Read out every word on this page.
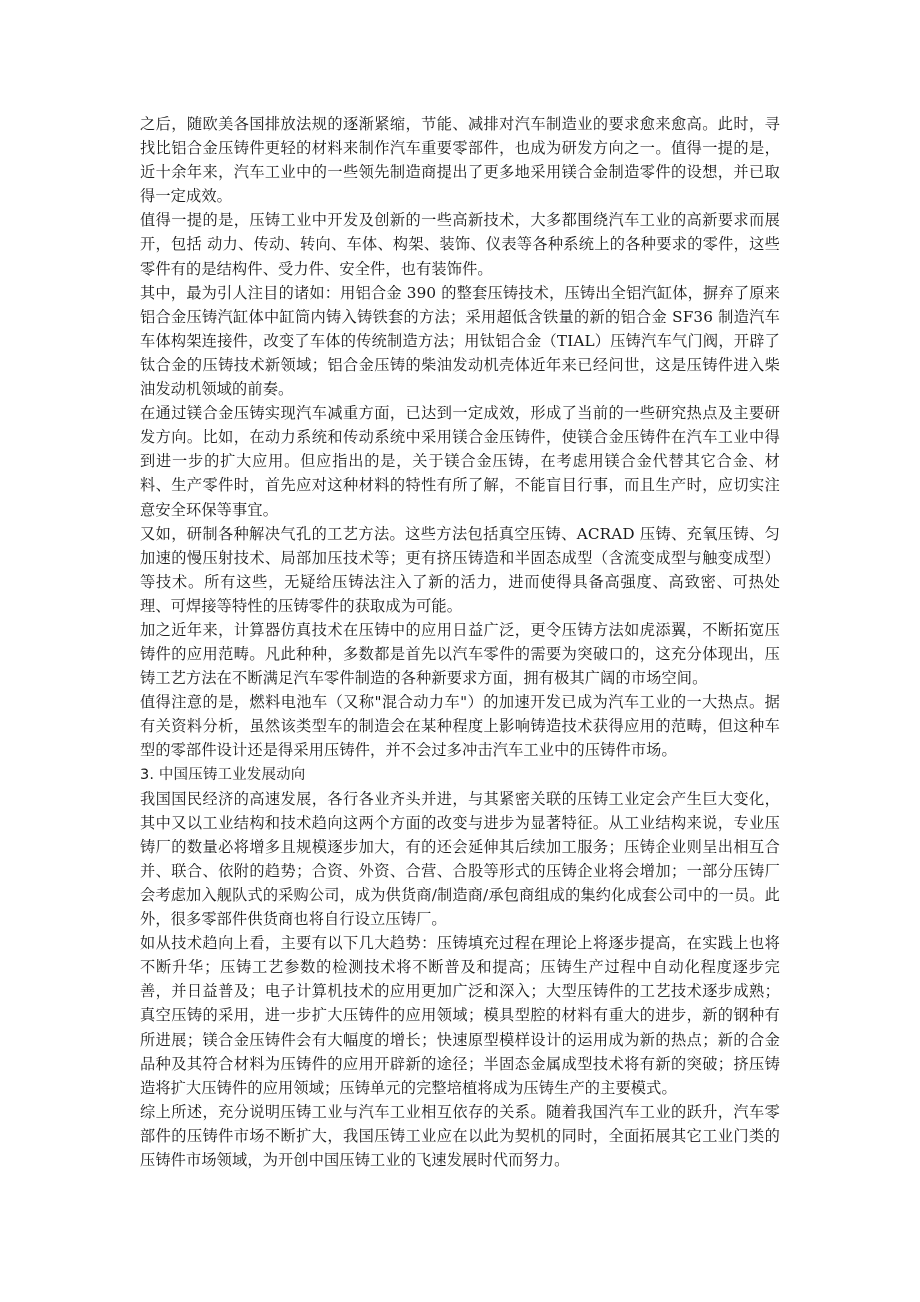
之后，随欧美各国排放法规的逐渐紧缩，节能、减排对汽车制造业的要求愈来愈高。此时，寻找比铝合金压铸件更轻的材料来制作汽车重要零部件，也成为研发方向之一。值得一提的是，近十余年来，汽车工业中的一些领先制造商提出了更多地采用镁合金制造零件的设想，并已取得一定成效。

值得一提的是，压铸工业中开发及创新的一些高新技术，大多都围绕汽车工业的高新要求而展开，包括 动力、传动、转向、车体、构架、装饰、仪表等各种系统上的各种要求的零件，这些零件有的是结构件、受力件、安全件，也有装饰件。

其中，最为引人注目的诸如：用铝合金 390 的整套压铸技术，压铸出全铝汽缸体，摒弃了原来铝合金压铸汽缸体中缸筒内铸入铸铁套的方法；采用超低含铁量的新的铝合金 SF36 制造汽车车体构架连接件，改变了车体的传统制造方法；用钛铝合金（TIAL）压铸汽车气门阀，开辟了钛合金的压铸技术新领域；铝合金压铸的柴油发动机壳体近年来已经问世，这是压铸件进入柴油发动机领域的前奏。

在通过镁合金压铸实现汽车减重方面，已达到一定成效，形成了当前的一些研究热点及主要研发方向。比如，在动力系统和传动系统中采用镁合金压铸件，使镁合金压铸件在汽车工业中得到进一步的扩大应用。但应指出的是，关于镁合金压铸，在考虑用镁合金代替其它合金、材料、生产零件时，首先应对这种材料的特性有所了解，不能盲目行事，而且生产时，应切实注意安全环保等事宜。

又如，研制各种解决气孔的工艺方法。这些方法包括真空压铸、ACRAD 压铸、充氧压铸、匀加速的慢压射技术、局部加压技术等；更有挤压铸造和半固态成型（含流变成型与触变成型）等技术。所有这些，无疑给压铸法注入了新的活力，进而使得具备高强度、高致密、可热处理、可焊接等特性的压铸零件的获取成为可能。

加之近年来，计算器仿真技术在压铸中的应用日益广泛，更令压铸方法如虎添翼，不断拓宽压铸件的应用范畴。凡此种种，多数都是首先以汽车零件的需要为突破口的，这充分体现出，压铸工艺方法在不断满足汽车零件制造的各种新要求方面，拥有极其广阔的市场空间。

值得注意的是，燃料电池车（又称"混合动力车"）的加速开发已成为汽车工业的一大热点。据有关资料分析，虽然该类型车的制造会在某种程度上影响铸造技术获得应用的范畴，但这种车型的零部件设计还是得采用压铸件，并不会过多冲击汽车工业中的压铸件市场。

3. 中国压铸工业发展动向

我国国民经济的高速发展，各行各业齐头并进，与其紧密关联的压铸工业定会产生巨大变化，其中又以工业结构和技术趋向这两个方面的改变与进步为显著特征。从工业结构来说，专业压铸厂的数量必将增多且规模逐步加大，有的还会延伸其后续加工服务；压铸企业则呈出相互合并、联合、依附的趋势；合资、外资、合营、合股等形式的压铸企业将会增加；一部分压铸厂会考虑加入舰队式的采购公司，成为供货商/制造商/承包商组成的集约化成套公司中的一员。此外，很多零部件供货商也将自行设立压铸厂。

如从技术趋向上看，主要有以下几大趋势：压铸填充过程在理论上将逐步提高，在实践上也将不断升华；压铸工艺参数的检测技术将不断普及和提高；压铸生产过程中自动化程度逐步完善，并日益普及；电子计算机技术的应用更加广泛和深入；大型压铸件的工艺技术逐步成熟；真空压铸的采用，进一步扩大压铸件的应用领域；模具型腔的材料有重大的进步，新的钢种有所进展；镁合金压铸件会有大幅度的增长；快速原型模样设计的运用成为新的热点；新的合金品种及其符合材料为压铸件的应用开辟新的途径；半固态金属成型技术将有新的突破；挤压铸造将扩大压铸件的应用领域；压铸单元的完整培植将成为压铸生产的主要模式。

综上所述，充分说明压铸工业与汽车工业相互依存的关系。随着我国汽车工业的跃升，汽车零部件的压铸件市场不断扩大，我国压铸工业应在以此为契机的同时，全面拓展其它工业门类的压铸件市场领域，为开创中国压铸工业的飞速发展时代而努力。
